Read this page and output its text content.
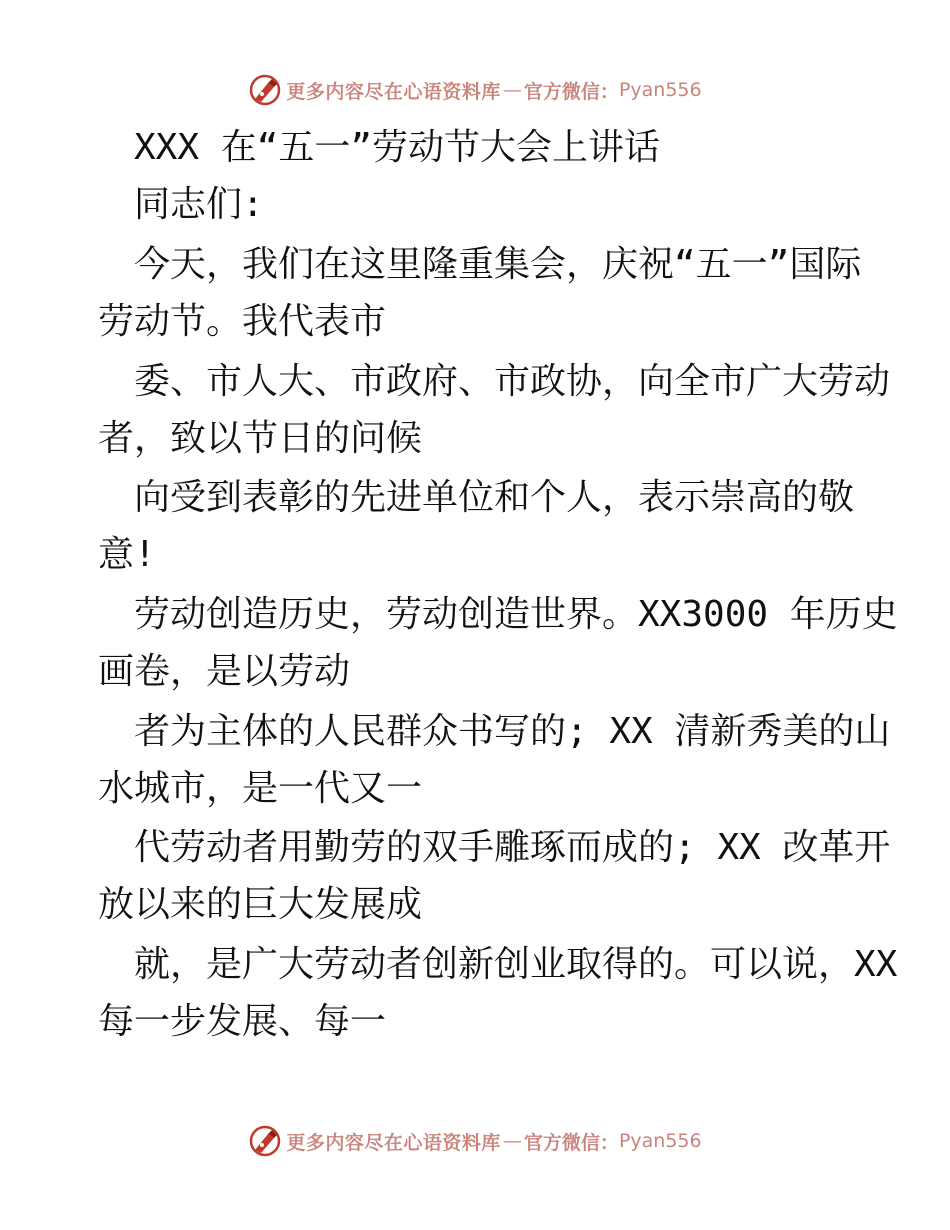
更多内容尽在心语资料库 — 官方微信： Pyan556
XXX 在“五一”劳动节大会上讲话
同志们:
今天，我们在这里隆重集会，庆祝“五一”国际
劳动节。我代表市
委、市人大、市政府、市政协，向全市广大劳动
者，致以节日的问候
向受到表彰的先进单位和个人，表示崇高的敬
意!
劳动创造历史，劳动创造世界。XX3000 年历史
画卷，是以劳动
者为主体的人民群众书写的; XX 清新秀美的山
水城市，是一代又一
代劳动者用勤劳的双手雕琢而成的; XX 改革开
放以来的巨大发展成
就，是广大劳动者创新创业取得的。可以说，XX
每一步发展、每一
更多内容尽在心语资料库 — 官方微信： Pyan556
